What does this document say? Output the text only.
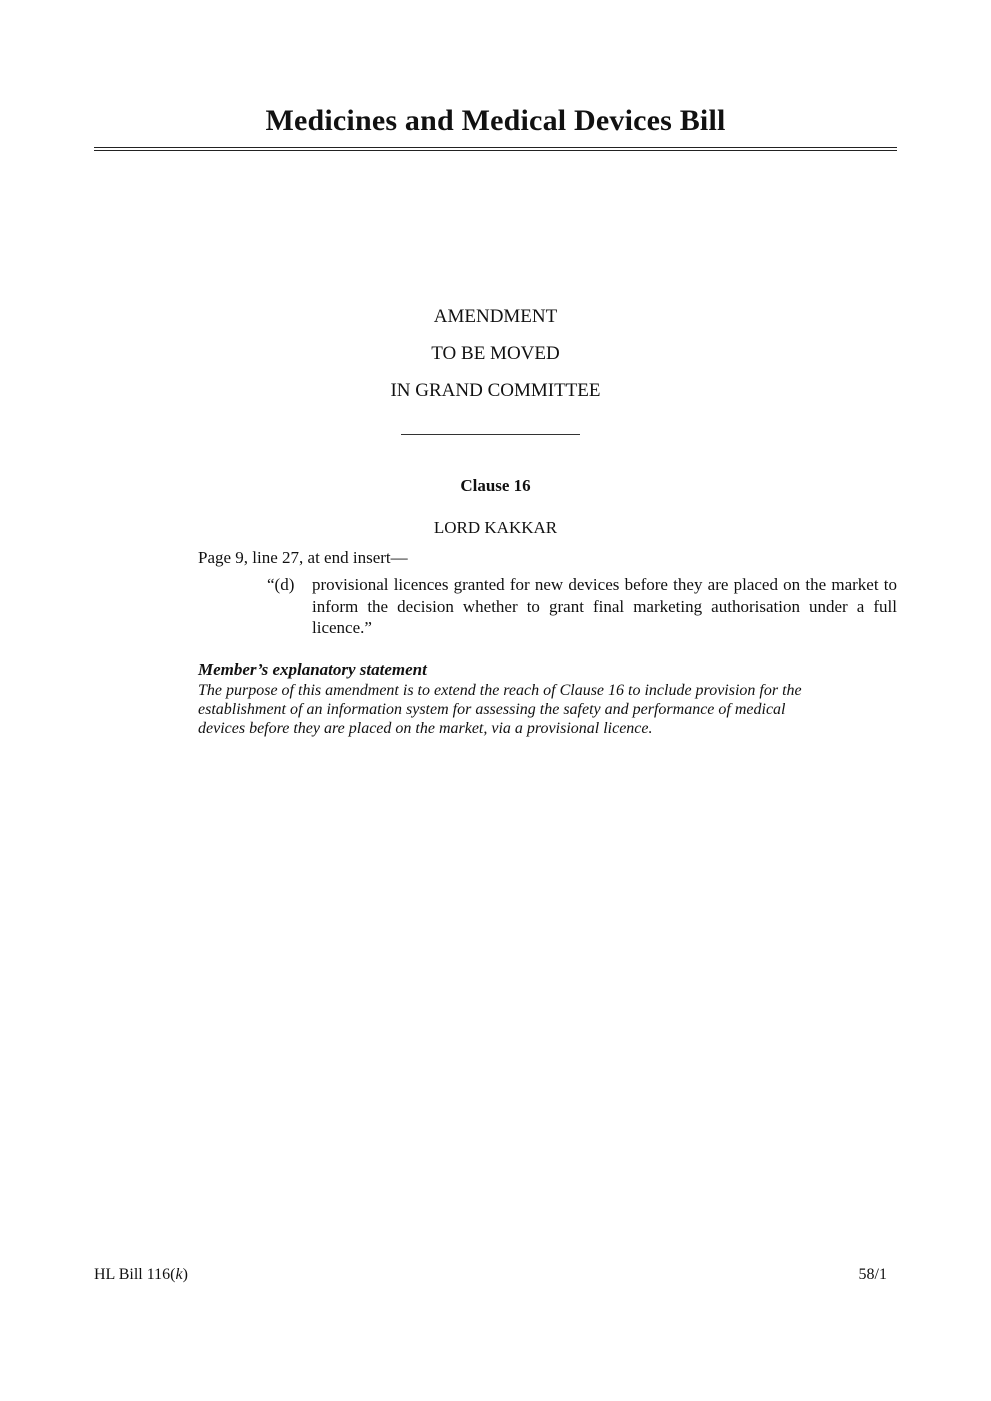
Medicines and Medical Devices Bill
AMENDMENT
TO BE MOVED
IN GRAND COMMITTEE
Clause 16
LORD KAKKAR
Page 9, line 27, at end insert—
“(d) provisional licences granted for new devices before they are placed on the market to inform the decision whether to grant final marketing authorisation under a full licence.”
Member’s explanatory statement
The purpose of this amendment is to extend the reach of Clause 16 to include provision for the
establishment of an information system for assessing the safety and performance of medical
devices before they are placed on the market, via a provisional licence.
HL Bill 116(k)	58/1
